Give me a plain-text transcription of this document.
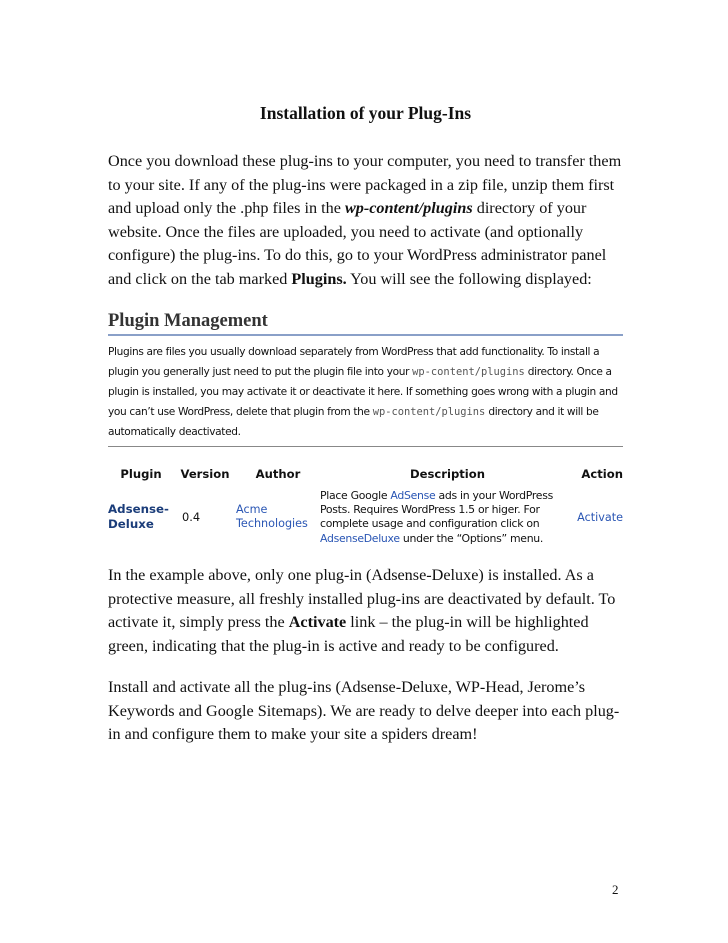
Installation of your Plug-Ins

Once you download these plug-ins to your computer, you need to transfer them to your site. If any of the plug-ins were packaged in a zip file, unzip them first and upload only the .php files in the wp-content/plugins directory of your website. Once the files are uploaded, you need to activate (and optionally configure) the plug-ins. To do this, go to your WordPress administrator panel and click on the tab marked Plugins. You will see the following displayed:

Plugin Management

Plugins are files you usually download separately from WordPress that add functionality. To install a plugin you generally just need to put the plugin file into your wp-content/plugins directory. Once a plugin is installed, you may activate it or deactivate it here. If something goes wrong with a plugin and you can’t use WordPress, delete that plugin from the wp-content/plugins directory and it will be automatically deactivated.

Plugin	Version	Author	Description	Action
Adsense-Deluxe	0.4	Acme Technologies	Place Google AdSense ads in your WordPress Posts. Requires WordPress 1.5 or higer. For complete usage and configuration click on AdsenseDeluxe under the “Options” menu.	Activate

In the example above, only one plug-in (Adsense-Deluxe) is installed. As a protective measure, all freshly installed plug-ins are deactivated by default. To activate it, simply press the Activate link – the plug-in will be highlighted green, indicating that the plug-in is active and ready to be configured.

Install and activate all the plug-ins (Adsense-Deluxe, WP-Head, Jerome’s Keywords and Google Sitemaps). We are ready to delve deeper into each plug-in and configure them to make your site a spiders dream!

2
